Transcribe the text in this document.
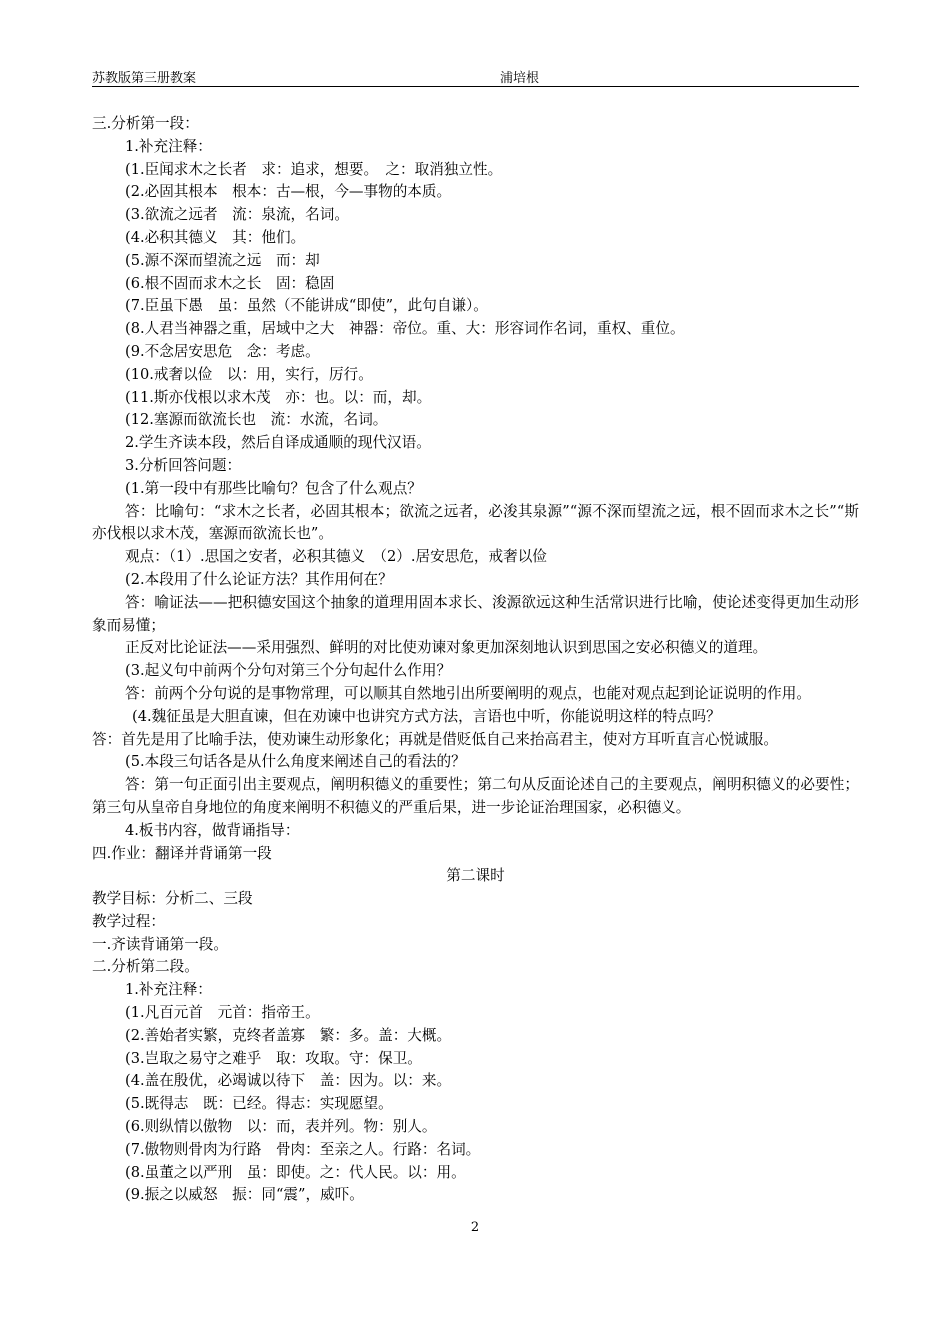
苏教版第三册教案	浦培根

三.分析第一段：

1.补充注释：

(1.臣闻求木之长者　求：追求，想要。　之：取消独立性。

(2.必固其根本　根本：古—根，今—事物的本质。

(3.欲流之远者　流：泉流，名词。

(4.必积其德义　其：他们。

(5.源不深而望流之远　而：却

(6.根不固而求木之长　固：稳固

(7.臣虽下愚　虽：虽然（不能讲成“即使”，此句自谦）。

(8.人君当神器之重，居域中之大　神器：帝位。重、大：形容词作名词，重权、重位。

(9.不念居安思危　念：考虑。

(10.戒奢以俭　以：用，实行，厉行。

(11.斯亦伐根以求木茂　亦：也。以：而，却。

(12.塞源而欲流长也　流：水流，名词。

2.学生齐读本段，然后自译成通顺的现代汉语。

3.分析回答问题：

(1.第一段中有那些比喻句？包含了什么观点？

答：比喻句：“求木之长者，必固其根本；欲流之远者，必浚其泉源”“源不深而望流之远，根不固而求木之长”“斯亦伐根以求木茂，塞源而欲流长也”。

观点：（1）.思国之安者，必积其德义　（2）.居安思危，戒奢以俭

(2.本段用了什么论证方法？其作用何在？

答：喻证法——把积德安国这个抽象的道理用固本求长、浚源欲远这种生活常识进行比喻，使论述变得更加生动形象而易懂；

正反对比论证法——采用强烈、鲜明的对比使劝谏对象更加深刻地认识到思国之安必积德义的道理。

(3.起义句中前两个分句对第三个分句起什么作用？

答：前两个分句说的是事物常理，可以顺其自然地引出所要阐明的观点，也能对观点起到论证说明的作用。

(4.魏征虽是大胆直谏，但在劝谏中也讲究方式方法，言语也中听，你能说明这样的特点吗？

答：首先是用了比喻手法，使劝谏生动形象化；再就是借贬低自己来抬高君主，使对方耳听直言心悦诚服。

(5.本段三句话各是从什么角度来阐述自己的看法的？

答：第一句正面引出主要观点，阐明积德义的重要性；第二句从反面论述自己的主要观点，阐明积德义的必要性；第三句从皇帝自身地位的角度来阐明不积德义的严重后果，进一步论证治理国家，必积德义。

4.板书内容，做背诵指导：

四.作业：翻译并背诵第一段

第二课时

教学目标：分析二、三段

教学过程：

一.齐读背诵第一段。

二.分析第二段。

1.补充注释：

(1.凡百元首　元首：指帝王。

(2.善始者实繁，克终者盖寡　繁：多。盖：大概。

(3.岂取之易守之难乎　取：攻取。守：保卫。

(4.盖在殷优，必竭诚以待下　盖：因为。以：来。

(5.既得志　既：已经。得志：实现愿望。

(6.则纵情以傲物　以：而，表并列。物：别人。

(7.傲物则骨肉为行路　骨肉：至亲之人。行路：名词。

(8.虽董之以严刑　虽：即使。之：代人民。以：用。

(9.振之以威怒　振：同“震”，威吓。

2
